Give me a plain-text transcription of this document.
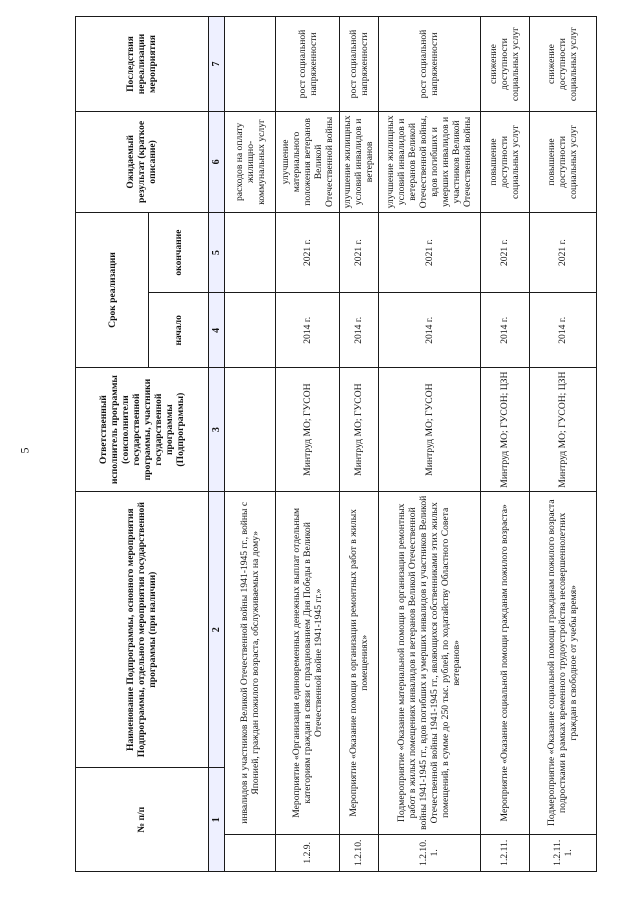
5
№ п/п		Наименование Подпрограммы, основного мероприятия Подпрограммы, отдельного мероприятия государственной программы (при наличии)	Ответственный исполнитель программы (соисполнители государственной программы, участники государственной программы (Подпрограммы)	Срок реализации		Ожидаемый результат (краткое описание)	Последствия нереализации мероприятия
				начало	окончание		
1		2	3	4	5	6	7
	инвалидов и участников Великой Отечественной войны 1941-1945 гг., войны с Японией, граждан пожилого возраста, обслуживаемых на дому»					расходов на оплату жилищно-коммунальных услуг	
1.2.9.	Мероприятие «Организация единовременных денежных выплат отдельным категориям граждан в связи с празднованием Дня Победы в Великой Отечественной войне 1941-1945 гг.»		Минтруд МО; ГУСОН	2014 г.	2021 г.	улучшение материального положения ветеранов Великой Отечественной войны	рост социальной напряженности
1.2.10.	Мероприятие «Оказание помощи в организации ремонтных работ в жилых помещениях»		Минтруд МО; ГУСОН	2014 г.	2021 г.	улучшение жилищных условий инвалидов и ветеранов	рост социальной напряженности
1.2.10. 1.	Подмероприятие «Оказание материальной помощи в организации ремонтных работ в жилых помещениях инвалидов и ветеранов Великой Отечественной войны 1941-1945 гг., вдов погибших и умерших инвалидов и участников Великой Отечественной войны 1941-1945 гг., являющихся собственниками этих жилых помещений, в сумме до 250 тыс. рублей, по ходатайству Областного Совета ветеранов»		Минтруд МО; ГУСОН	2014 г.	2021 г.	улучшение жилищных условий инвалидов и ветеранов Великой Отечественной войны, вдов погибших и умерших инвалидов и участников Великой Отечественной войны	рост социальной напряженности
1.2.11.	Мероприятие «Оказание социальной помощи гражданам пожилого возраста»		Минтруд МО; ГУСОН; ЦЗН	2014 г.	2021 г.	повышение доступности социальных услуг	снижение доступности социальных услуг
1.2.11. 1.	Подмероприятие «Оказание социальной помощи гражданам пожилого возраста подростками в рамках временного трудоустройства несовершеннолетних граждан в свободное от учебы время»		Минтруд МО; ГУСОН; ЦЗН	2014 г.	2021 г.	повышение доступности социальных услуг	снижение доступности социальных услуг
